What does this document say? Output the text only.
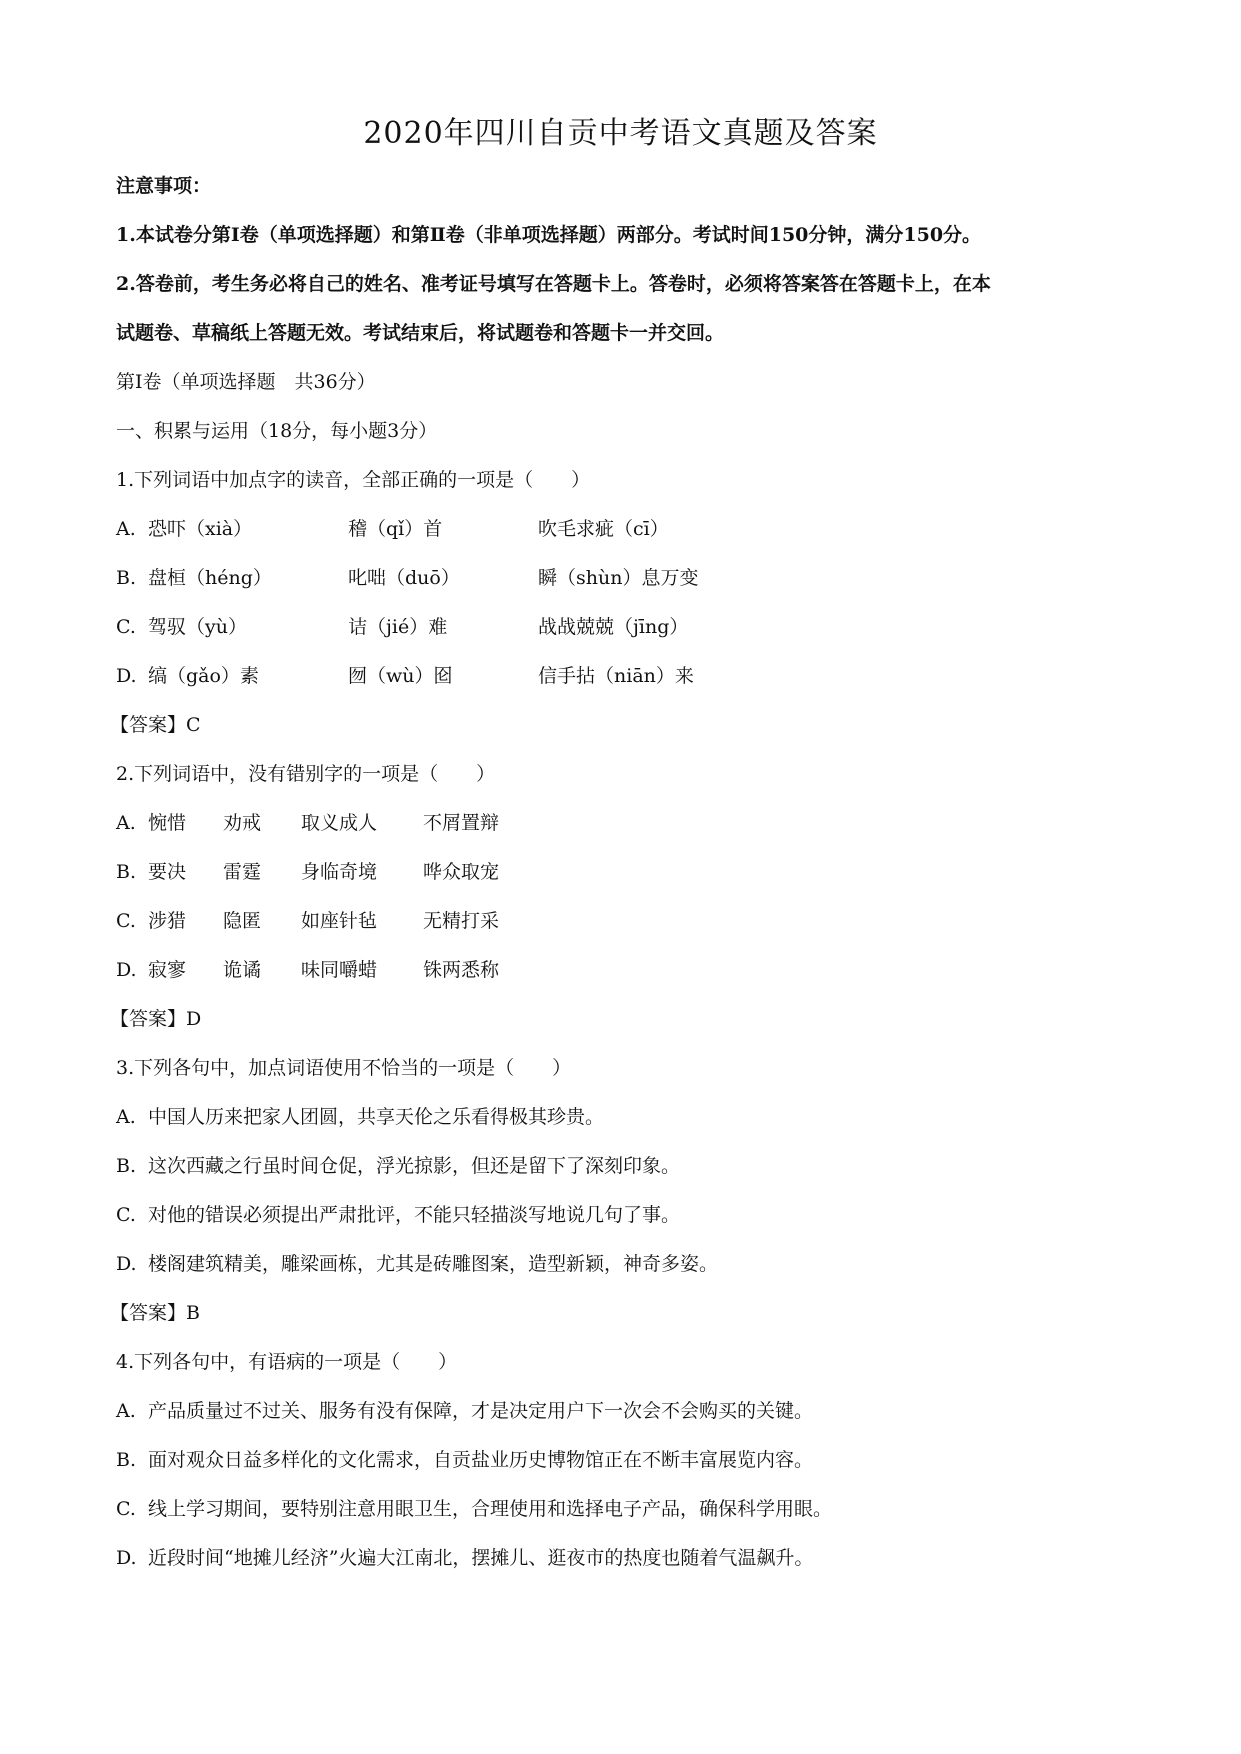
2020年四川自贡中考语文真题及答案
注意事项：
1.本试卷分第Ⅰ卷（单项选择题）和第Ⅱ卷（非单项选择题）两部分。考试时间150分钟，满分150分。
2.答卷前，考生务必将自己的姓名、准考证号填写在答题卡上。答卷时，必须将答案答在答题卡上，在本
试题卷、草稿纸上答题无效。考试结束后，将试题卷和答题卡一并交回。
第Ⅰ卷（单项选择题　共36分）
一、积累与运用（18分，每小题3分）
1.下列词语中加点字的读音，全部正确的一项是（　　）
A. 恐吓（xià）	稽（qǐ）首	吹毛求疵（cī）
B. 盘桓（héng）	叱咄（duō）	瞬（shùn）息万变
C. 驾驭（yù）	诘（jié）难	战战兢兢（jīng）
D. 缟（gǎo）素	囫（wù）囵	信手拈（niān）来
【答案】C
2.下列词语中，没有错别字的一项是（　　）
A. 惋惜	劝戒	取义成人	不屑置辩
B. 要决	雷霆	身临奇境	哗众取宠
C. 涉猎	隐匿	如座针毡	无精打采
D. 寂寥	诡谲	味同嚼蜡	铢两悉称
【答案】D
3.下列各句中，加点词语使用不恰当的一项是（　　）
A. 中国人历来把家人团圆，共享天伦之乐看得极其珍贵。
B. 这次西藏之行虽时间仓促，浮光掠影，但还是留下了深刻印象。
C. 对他的错误必须提出严肃批评，不能只轻描淡写地说几句了事。
D. 楼阁建筑精美，雕梁画栋，尤其是砖雕图案，造型新颖，神奇多姿。
【答案】B
4.下列各句中，有语病的一项是（　　）
A. 产品质量过不过关、服务有没有保障，才是决定用户下一次会不会购买的关键。
B. 面对观众日益多样化的文化需求，自贡盐业历史博物馆正在不断丰富展览内容。
C. 线上学习期间，要特别注意用眼卫生，合理使用和选择电子产品，确保科学用眼。
D. 近段时间“地摊儿经济”火遍大江南北，摆摊儿、逛夜市的热度也随着气温飙升。
